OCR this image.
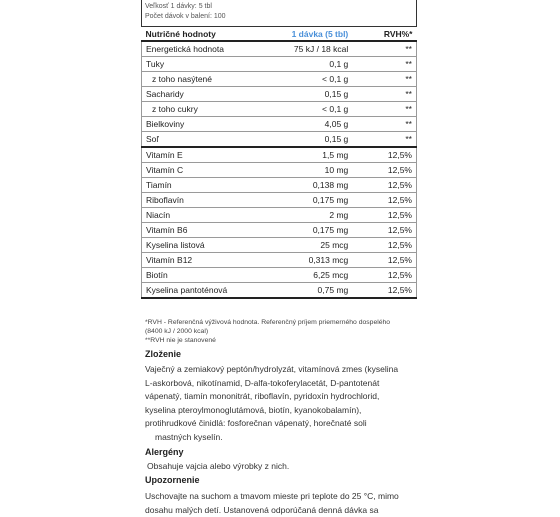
Veľkosť 1 dávky: 5 tbl
Počet dávok v balení: 100
Nutričné hodnoty	1 dávka (5 tbl)	RVH%*
Energetická hodnota	75 kJ / 18 kcal	**
Tuky	0,1 g	**
z toho nasýtené	< 0,1 g	**
Sacharidy	0,15 g	**
z toho cukry	< 0,1 g	**
Bielkoviny	4,05 g	**
Soľ	0,15 g	**
Vitamín E	1,5 mg	12,5%
Vitamín C	10 mg	12,5%
Tiamín	0,138 mg	12,5%
Riboflavín	0,175 mg	12,5%
Niacín	2 mg	12,5%
Vitamín B6	0,175 mg	12,5%
Kyselina listová	25 mcg	12,5%
Vitamín B12	0,313 mcg	12,5%
Biotín	6,25 mcg	12,5%
Kyselina pantoténová	0,75 mg	12,5%
*RVH - Referenčná výživová hodnota. Referenčný príjem priemerného dospelého
(8400 kJ / 2000 kcal)
**RVH nie je stanovené
Zloženie
Vaječný a zemiakový peptón/hydrolyzát, vitamínová zmes (kyselina
L-askorbová, nikotínamid, D-alfa-tokoferylacetát, D-pantotenát
vápenatý, tiamín mononitrát, riboflavín, pyridoxín hydrochlorid,
kyselina pteroylmonoglutámová, biotín, kyanokobalamín),
protihrudkové činidlá: fosforečnan vápenatý, horečnaté soli
mastných kyselín.
Alergény
Obsahuje vajcia alebo výrobky z nich.
Upozornenie
Uschovajte na suchom a tmavom mieste pri teplote do 25 °C, mimo
dosahu malých detí. Ustanovená odporúčaná denná dávka sa
